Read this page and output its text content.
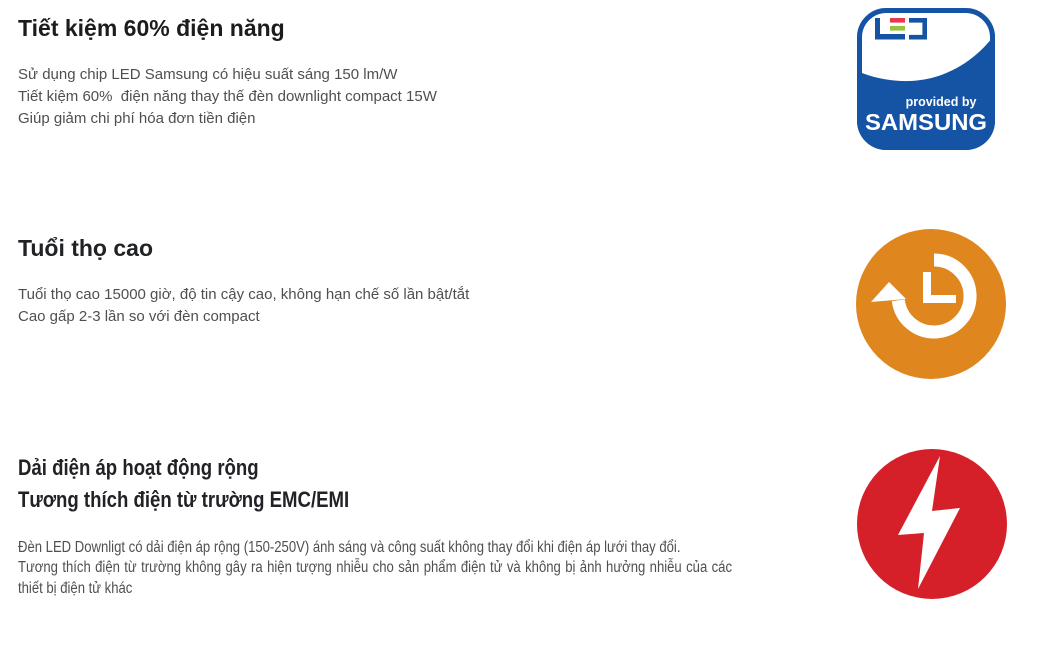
Tiết kiệm 60% điện năng
Sử dụng chip LED Samsung có hiệu suất sáng 150 lm/W
Tiết kiệm 60%  điện năng thay thế đèn downlight compact 15W
Giúp giảm chi phí hóa đơn tiền điện
provided by
SAMSUNG
Tuổi thọ cao
Tuổi thọ cao 15000 giờ, độ tin cậy cao, không hạn chế số lần bật/tắt
Cao gấp 2-3 lần so với đèn compact
Dải điện áp hoạt động rộng
Tương thích điện từ trường EMC/EMI

Đèn LED Downligt có dải điện áp rộng (150-250V) ánh sáng và công suất không thay đổi khi điện áp lưới thay đổi.

Tương thích điện từ trường không gây ra hiện tượng nhiễu cho sản phẩm điện tử và không bị ảnh hưởng nhiễu của các thiết bị điện tử khác
